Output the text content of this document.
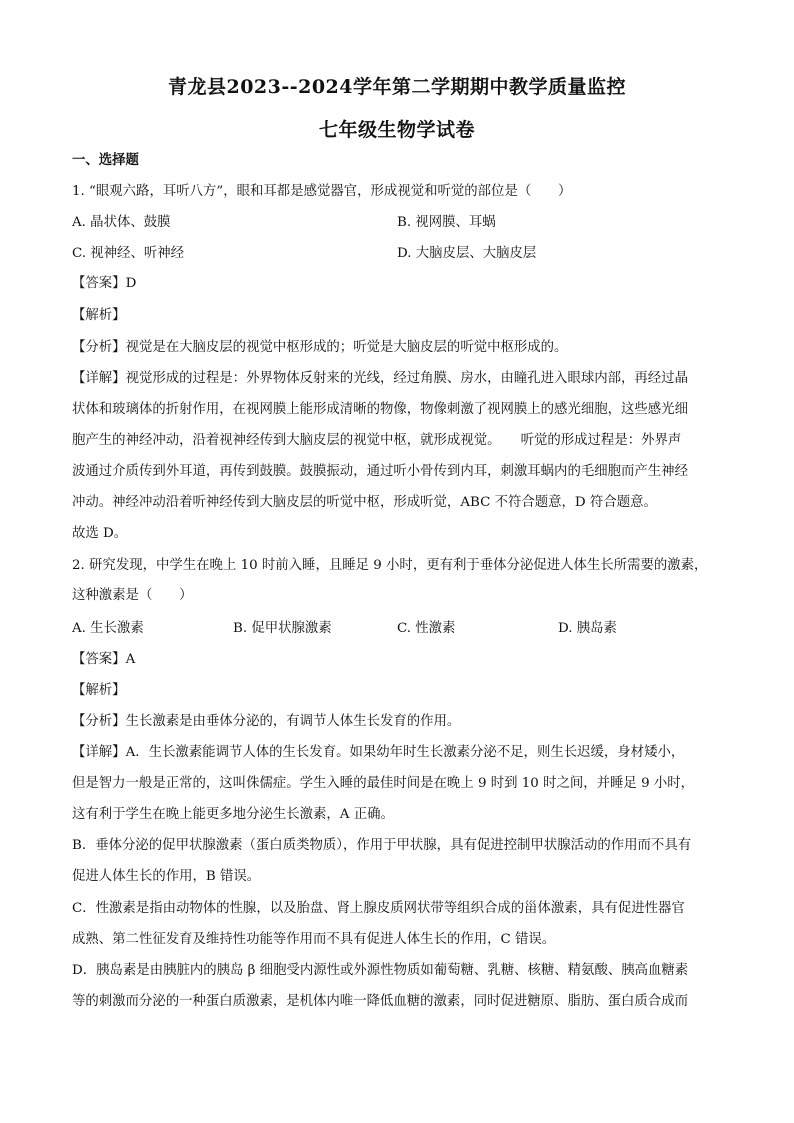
青龙县2023--2024学年第二学期期中教学质量监控
七年级生物学试卷
一、选择题
1. “眼观六路，耳听八方”，眼和耳都是感觉器官，形成视觉和听觉的部位是（　　）
A. 晶状体、鼓膜	B. 视网膜、耳蜗
C. 视神经、听神经	D. 大脑皮层、大脑皮层
【答案】D
【解析】
【分析】视觉是在大脑皮层的视觉中枢形成的；听觉是大脑皮层的听觉中枢形成的。
【详解】视觉形成的过程是：外界物体反射来的光线，经过角膜、房水，由瞳孔进入眼球内部，再经过晶
状体和玻璃体的折射作用，在视网膜上能形成清晰的物像，物像刺激了视网膜上的感光细胞，这些感光细
胞产生的神经冲动，沿着视神经传到大脑皮层的视觉中枢，就形成视觉。　　听觉的形成过程是：外界声
波通过介质传到外耳道，再传到鼓膜。鼓膜振动，通过听小骨传到内耳，刺激耳蜗内的毛细胞而产生神经
冲动。神经冲动沿着听神经传到大脑皮层的听觉中枢，形成听觉，ABC 不符合题意，D 符合题意。
故选 D。
2. 研究发现，中学生在晚上 10 时前入睡，且睡足 9 小时，更有利于垂体分泌促进人体生长所需要的激素，
这种激素是（　　）
A. 生长激素	B. 促甲状腺激素	C. 性激素	D. 胰岛素
【答案】A
【解析】
【分析】生长激素是由垂体分泌的，有调节人体生长发育的作用。
【详解】A．生长激素能调节人体的生长发育。如果幼年时生长激素分泌不足，则生长迟缓，身材矮小，
但是智力一般是正常的，这叫侏儒症。学生入睡的最佳时间是在晚上 9 时到 10 时之间，并睡足 9 小时，
这有利于学生在晚上能更多地分泌生长激素，A 正确。
B．垂体分泌的促甲状腺激素（蛋白质类物质），作用于甲状腺，具有促进控制甲状腺活动的作用而不具有
促进人体生长的作用，B 错误。
C．性激素是指由动物体的性腺，以及胎盘、肾上腺皮质网状带等组织合成的甾体激素，具有促进性器官
成熟、第二性征发育及维持性功能等作用而不具有促进人体生长的作用，C 错误。
D．胰岛素是由胰脏内的胰岛 β 细胞受内源性或外源性物质如葡萄糖、乳糖、核糖、精氨酸、胰高血糖素
等的刺激而分泌的一种蛋白质激素，是机体内唯一降低血糖的激素，同时促进糖原、脂肪、蛋白质合成而
